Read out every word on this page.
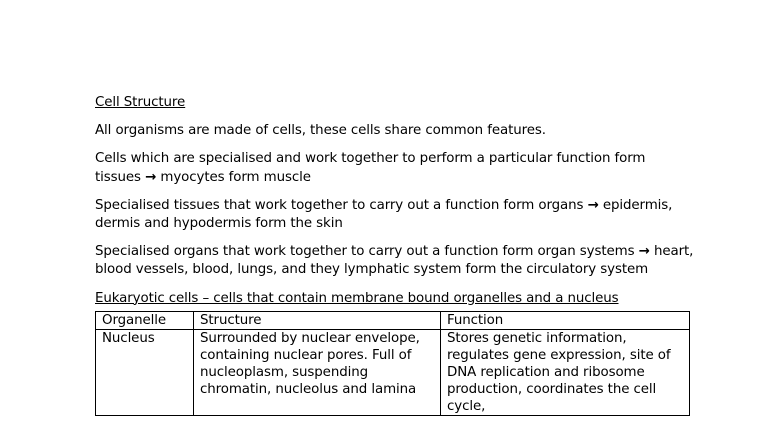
Cell Structure
All organisms are made of cells, these cells share common features.
Cells which are specialised and work together to perform a particular function form tissues → myocytes form muscle
Specialised tissues that work together to carry out a function form organs → epidermis, dermis and hypodermis form the skin
Specialised organs that work together to carry out a function form organ systems → heart, blood vessels, blood, lungs, and they lymphatic system form the circulatory system
Eukaryotic cells – cells that contain membrane bound organelles and a nucleus
Organelle	Structure	Function
Nucleus	Surrounded by nuclear envelope, containing nuclear pores. Full of nucleoplasm, suspending chromatin, nucleolus and lamina	Stores genetic information, regulates gene expression, site of DNA replication and ribosome production, coordinates the cell cycle,
